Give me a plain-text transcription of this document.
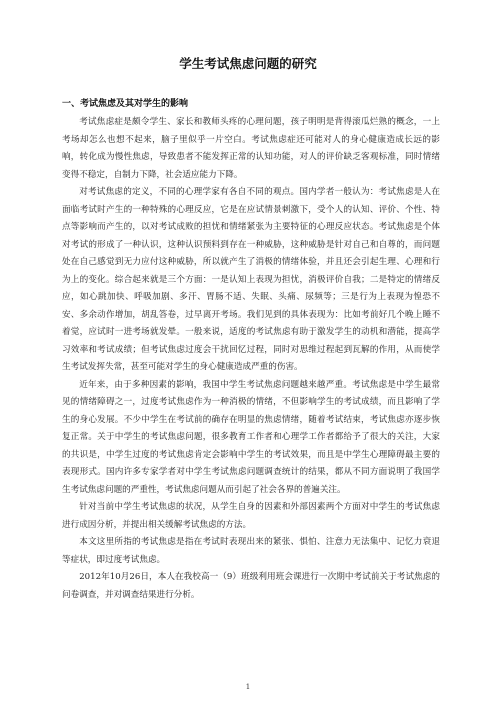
学生考试焦虑问题的研究
一、考试焦虑及其对学生的影响

考试焦虑症是颇令学生、家长和教师头疼的心理问题，孩子明明是背得滚瓜烂熟的概念，一上考场却怎么也想不起来，脑子里似乎一片空白。考试焦虑症还可能对人的身心健康造成长远的影响，转化成为慢性焦虑，导致患者不能发挥正常的认知功能，对人的评价缺乏客观标准，同时情绪变得不稳定，自制力下降，社会适应能力下降。

对考试焦虑的定义，不同的心理学家有各自不同的观点。国内学者一般认为：考试焦虑是人在面临考试时产生的一种特殊的心理反应，它是在应试情景刺激下，受个人的认知、评价、个性、特点等影响而产生的，以对考试成败的担忧和情绪紧张为主要特征的心理反应状态。考试焦虑是个体对考试的形成了一种认识，这种认识预料到存在一种威胁，这种威胁是针对自己和自尊的，而问题处在自己感觉到无力应付这种威胁，所以就产生了消极的情绪体验，并且还会引起生理、心理和行为上的变化。综合起来就是三个方面：一是认知上表现为担忧，消极评价自我；二是特定的情绪反应，如心跳加快、呼吸加剧、多汗、胃肠不适、失眠、头痛、尿频等；三是行为上表现为惶恐不安、多余动作增加，胡乱答卷，过早离开考场。我们见到的具体表现为：比如考前好几个晚上睡不着觉，应试时一进考场就发晕。一般来说，适度的考试焦虑有助于激发学生的动机和潜能，提高学习效率和考试成绩；但考试焦虑过度会干扰回忆过程，同时对思维过程起到瓦解的作用，从而使学生考试发挥失常，甚至可能对学生的身心健康造成严重的伤害。

近年来，由于多种因素的影响，我国中学生考试焦虑问题越来越严重。考试焦虑是中学生最常见的情绪障碍之一，过度考试焦虑作为一种消极的情绪，不但影响学生的考试成绩，而且影响了学生的身心发展。不少中学生在考试前的确存在明显的焦虑情绪，随着考试结束，考试焦虑亦逐步恢复正常。关于中学生的考试焦虑问题，很多教育工作者和心理学工作者都给予了很大的关注，大家的共识是，中学生过度的考试焦虑肯定会影响中学生的考试效果，而且是中学生心理障碍最主要的表现形式。国内许多专家学者对中学生考试焦虑问题调查统计的结果，都从不同方面说明了我国学生考试焦虑问题的严重性，考试焦虑问题从而引起了社会各界的普遍关注。

针对当前中学生考试焦虑的状况，从学生自身的因素和外部因素两个方面对中学生的考试焦虑进行成因分析，并提出相关缓解考试焦虑的方法。

本文这里所指的考试焦虑是指在考试时表现出来的紧张、惧怕、注意力无法集中、记忆力衰退等症状，即过度考试焦虑。

2012年10月26日，本人在我校高一（9）班级利用班会课进行一次期中考试前关于考试焦虑的问卷调查，并对调查结果进行分析。

1
